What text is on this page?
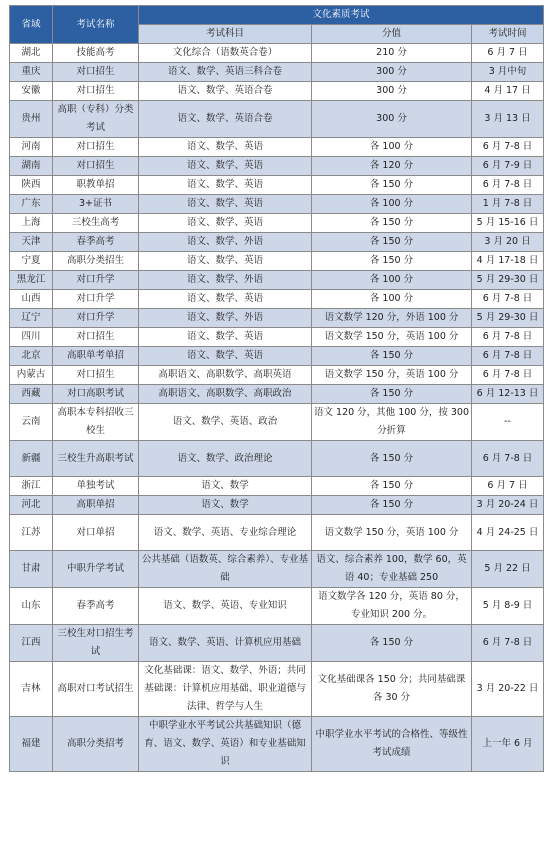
省域	考试名称	文化素质考试		
		考试科目	分值	考试时间
湖北	技能高考	文化综合（语数英合卷）	210 分	6 月 7 日
重庆	对口招生	语文、数学、英语三科合卷	300 分	3 月中旬
安徽	对口招生	语文、数学、英语合卷	300 分	4 月 17 日
贵州	高职（专科）分类考试	语文、数学、英语合卷	300 分	3 月 13 日
河南	对口招生	语文、数学、英语	各 100 分	6 月 7-8 日
湖南	对口招生	语文、数学、英语	各 120 分	6 月 7-9 日
陕西	职教单招	语文、数学、英语	各 150 分	6 月 7-8 日
广东	3+证书	语文、数学、英语	各 100 分	1 月 7-8 日
上海	三校生高考	语文、数学、英语	各 150 分	5 月 15-16 日
天津	春季高考	语文、数学、外语	各 150 分	3 月 20 日
宁夏	高职分类招生	语文、数学、英语	各 150 分	4 月 17-18 日
黑龙江	对口升学	语文、数学、外语	各 100 分	5 月 29-30 日
山西	对口升学	语文、数学、英语	各 100 分	6 月 7-8 日
辽宁	对口升学	语文、数学、外语	语文数学 120 分，外语 100 分	5 月 29-30 日
四川	对口招生	语文、数学、英语	语文数学 150 分，英语 100 分	6 月 7-8 日
北京	高职单考单招	语文、数学、英语	各 150 分	6 月 7-8 日
内蒙古	对口招生	高职语文、高职数学、高职英语	语文数学 150 分，英语 100 分	6 月 7-8 日
西藏	对口高职考试	高职语文、高职数学、高职政治	各 150 分	6 月 12-13 日
云南	高职本专科招收三校生	语文、数学、英语、政治	语文 120 分，其他 100 分，按 300 分折算	--
新疆	三校生升高职考试	语文、数学、政治理论	各 150 分	6 月 7-8 日
浙江	单独考试	语文、数学	各 150 分	6 月 7 日
河北	高职单招	语文、数学	各 150 分	3 月 20-24 日
江苏	对口单招	语文、数学、英语、专业综合理论	语文数学 150 分，英语 100 分	4 月 24-25 日
甘肃	中职升学考试	公共基础（语数英、综合素养）、专业基础	语文、综合素养 100，数学 60，英语 40；专业基础 250	5 月 22 日
山东	春季高考	语文、数学、英语、专业知识	语文数学各 120 分，英语 80 分，专业知识 200 分。	5 月 8-9 日
江西	三校生对口招生考试	语文、数学、英语、计算机应用基础	各 150 分	6 月 7-8 日
吉林	高职对口考试招生	文化基础课：语文、数学、外语；共同基础课：计算机应用基础、职业道德与法律、哲学与人生	文化基础课各 150 分；共同基础课各 30 分	3 月 20-22 日
福建	高职分类招考	中职学业水平考试公共基础知识（德育、语文、数学、英语）和专业基础知识	中职学业水平考试的合格性、等级性考试成绩	上一年 6 月
